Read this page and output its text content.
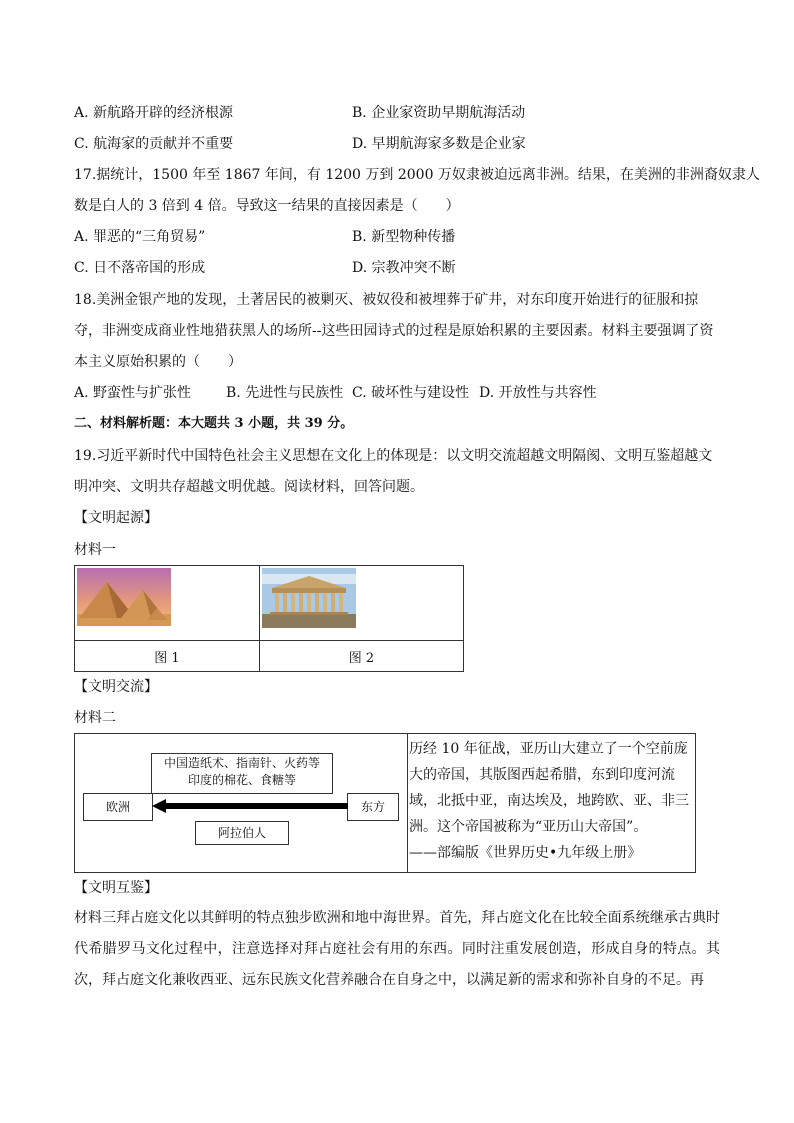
A. 新航路开辟的经济根源	B. 企业家资助早期航海活动
C. 航海家的贡献并不重要	D. 早期航海家多数是企业家
17.据统计，1500 年至 1867 年间，有 1200 万到 2000 万奴隶被迫远离非洲。结果，在美洲的非洲裔奴隶人
数是白人的 3 倍到 4 倍。导致这一结果的直接因素是（　　）
A. 罪恶的“三角贸易”	B. 新型物种传播
C. 日不落帝国的形成	D. 宗教冲突不断
18.美洲金银产地的发现，土著居民的被剿灭、被奴役和被埋葬于矿井，对东印度开始进行的征服和掠
夺，非洲变成商业性地猎获黑人的场所--这些田园诗式的过程是原始积累的主要因素。材料主要强调了资
本主义原始积累的（　　）
A. 野蛮性与扩张性 B. 先进性与民族性 C. 破坏性与建设性 D. 开放性与共容性
二、材料解析题：本大题共 3 小题，共 39 分。
19.习近平新时代中国特色社会主义思想在文化上的体现是：以文明交流超越文明隔阂、文明互鉴超越文
明冲突、文明共存超越文明优越。阅读材料，回答问题。
【文明起源】
材料一

图 1	图 2
【文明交流】
材料二
中国造纸术、指南针、火药等
印度的棉花、食糖等
欧洲	东方
阿拉伯人
历经 10 年征战，亚历山大建立了一个空前庞
大的帝国，其版图西起希腊，东到印度河流
域，北抵中亚，南达埃及，地跨欧、亚、非三
洲。这个帝国被称为“亚历山大帝国”。
——部编版《世界历史•九年级上册》
【文明互鉴】
材料三拜占庭文化以其鲜明的特点独步欧洲和地中海世界。首先，拜占庭文化在比较全面系统继承古典时代希腊罗马文化过程中，注意选择对拜占庭社会有用的东西。同时注重发展创造，形成自身的特点。其次，拜占庭文化兼收西亚、远东民族文化营养融合在自身之中，以满足新的需求和弥补自身的不足。再
